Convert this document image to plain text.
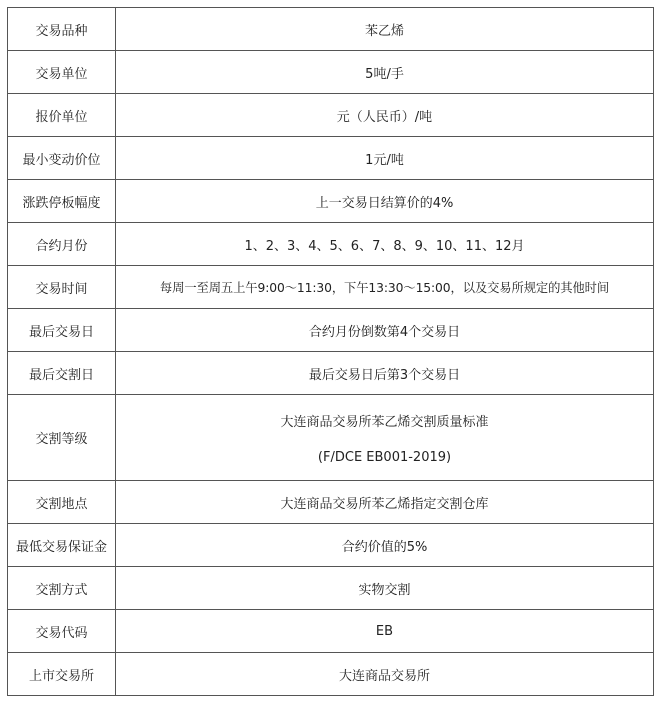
交易品种	苯乙烯
交易单位	5吨/手
报价单位	元（人民币）/吨
最小变动价位	1元/吨
涨跌停板幅度	上一交易日结算价的4%
合约月份	1、2、3、4、5、6、7、8、9、10、11、12月
交易时间	每周一至周五上午9:00～11:30，下午13:30～15:00，以及交易所规定的其他时间
最后交易日	合约月份倒数第4个交易日
最后交割日	最后交易日后第3个交易日
交割等级	大连商品交易所苯乙烯交割质量标准
(F/DCE EB001-2019)

交割地点	大连商品交易所苯乙烯指定交割仓库
最低交易保证金	合约价值的5%
交割方式	实物交割
交易代码	EB
上市交易所	大连商品交易所
